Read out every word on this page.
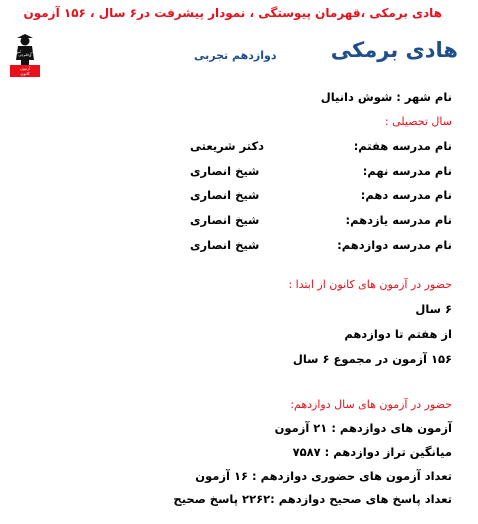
هادی برمکی ،قهرمان پیوستگی ، نمودار پیشرفت در۶ سال ، ۱۵۶ آزمون
آزمون
کانون
ق‌قلم‌چی
آموزش	قلم‌چی	هادی برمکی
دوازدهم تجربی
نام شهر : شوش دانیال
سال تحصیلی :
نام مدرسه هفتم:
دکتر شریعتی
نام مدرسه نهم:
شیخ انصاری
نام مدرسه دهم:
شیخ انصاری
نام مدرسه یازدهم:
شیخ انصاری
نام مدرسه دوازدهم:
شیخ انصاری
حضور در آزمون های کانون از ابتدا :
۶ سال
از هفتم تا دوازدهم
۱۵۶ آزمون در مجموع ۶ سال
حضور در آزمون های سال دوازدهم:
آزمون های دوازدهم : ۲۱ آزمون
میانگین تراز دوازدهم : ۷۵۸۷
تعداد آزمون های حضوری دوازدهم : ۱۶ آزمون
تعداد پاسخ های صحیح دوازدهم :۲۲۶۲ پاسخ صحیح
